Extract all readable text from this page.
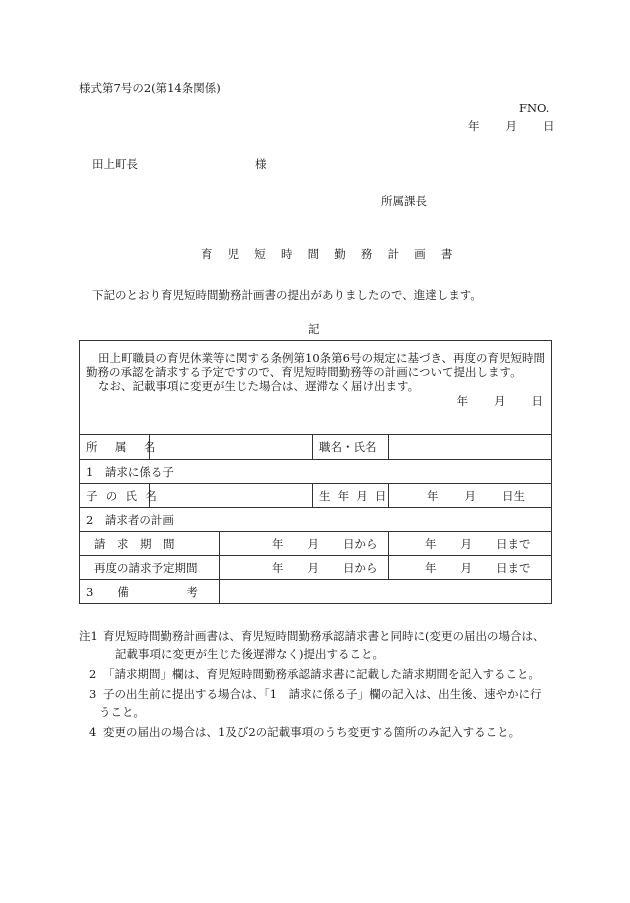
様式第7号の2(第14条関係)
FNO.
年 月 日
田上町長	様
所属課長
育 児 短 時 間 勤 務 計 画 書
下記のとおり育児短時間勤務計画書の提出がありましたので、進達します。
記
田上町職員の育児休業等に関する条例第10条第6号の規定に基づき、再度の育児短時間
勤務の承認を請求する予定ですので、育児短時間勤務等の計画について提出します。
なお、記載事項に変更が生じた場合は、遅滞なく届け出ます。
年 月 日				

所 属 名			職名・氏名	
1　請求に係る子				
子 の 氏 名			生 年 月 日	年 月 日生
2　請求者の計画				
請　求　期　間		年 月 日から		年 月 日まで
再度の請求予定期間		年 月 日から		年 月 日まで
3 備　　　　　考				
注1 育児短時間勤務計画書は、育児短時間勤務承認請求書と同時に(変更の届出の場合は、
記載事項に変更が生じた後遅滞なく)提出すること。
2 「請求期間」欄は、育児短時間勤務承認請求書に記載した請求期間を記入すること。
3 子の出生前に提出する場合は、「1　請求に係る子」欄の記入は、出生後、速やかに行
うこと。
4 変更の届出の場合は、1及び2の記載事項のうち変更する箇所のみ記入すること。
